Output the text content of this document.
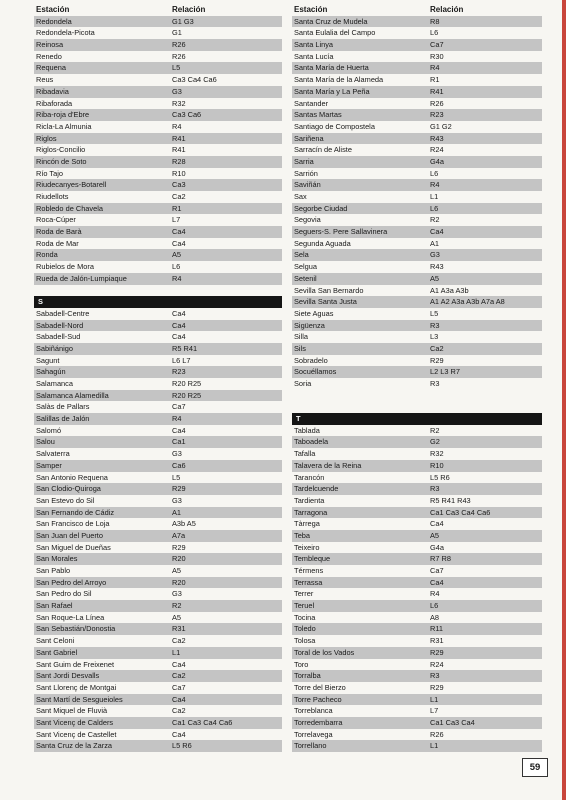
Estación	Relación
Redondela	G1 G3
Redondela-Picota	G1
Reinosa	R26
Renedo	R26
Requena	L5
Reus	Ca3 Ca4 Ca6
Ribadavia	G3
Ribaforada	R32
Riba-roja d'Ebre	Ca3 Ca6
Ricla-La Almunia	R4
Riglos	R41
Riglos-Concilio	R41
Rincón de Soto	R28
Río Tajo	R10
Riudecanyes-Botarell	Ca3
Riudellots	Ca2
Robledo de Chavela	R1
Roca-Cúper	L7
Roda de Barà	Ca4
Roda de Mar	Ca4
Ronda	A5
Rubielos de Mora	L6
Rueda de Jalón-Lumpiaque	R4
S
Sabadell-Centre	Ca4
Sabadell-Nord	Ca4
Sabadell-Sud	Ca4
Sabiñánigo	R5 R41
Sagunt	L6 L7
Sahagún	R23
Salamanca	R20 R25
Salamanca Alamedilla	R20 R25
Salàs de Pallars	Ca7
Salillas de Jalón	R4
Salomó	Ca4
Salou	Ca1
Salvaterra	G3
Samper	Ca6
San Antonio Requena	L5
San Clodio-Quiroga	R29
San Estevo do Sil	G3
San Fernando de Cádiz	A1
San Francisco de Loja	A3b A5
San Juan del Puerto	A7a
San Miguel de Dueñas	R29
San Morales	R20
San Pablo	A5
San Pedro del Arroyo	R20
San Pedro do Sil	G3
San Rafael	R2
San Roque-La Línea	A5
San Sebastián/Donostia	R31
Sant Celoni	Ca2
Sant Gabriel	L1
Sant Guim de Freixenet	Ca4
Sant Jordi Desvalls	Ca2
Sant Llorenç de Montgai	Ca7
Sant Martí de Sesgueioles	Ca4
Sant Miquel de Fluvià	Ca2
Sant Vicenç de Calders	Ca1 Ca3 Ca4 Ca6
Sant Vicenç de Castellet	Ca4
Santa Cruz de la Zarza	L5 R6
Estación	Relación
Santa Cruz de Mudela	R8
Santa Eulalia del Campo	L6
Santa Linya	Ca7
Santa Lucía	R30
Santa María de Huerta	R4
Santa María de la Alameda	R1
Santa María y La Peña	R41
Santander	R26
Santas Martas	R23
Santiago de Compostela	G1 G2
Sariñena	R43
Sarracín de Aliste	R24
Sarria	G4a
Sarrión	L6
Saviñán	R4
Sax	L1
Segorbe Ciudad	L6
Segovia	R2
Seguers-S. Pere Sallavinera	Ca4
Segunda Aguada	A1
Sela	G3
Selgua	R43
Setenil	A5
Sevilla San Bernardo	A1 A3a A3b
Sevilla Santa Justa	A1 A2 A3a A3b A7a A8
Siete Aguas	L5
Sigüenza	R3
Silla	L3
Sils	Ca2
Sobradelo	R29
Socuéllamos	L2 L3 R7
Soria	R3
T
Tablada	R2
Taboadela	G2
Tafalla	R32
Talavera de la Reina	R10
Tarancón	L5 R6
Tardelcuende	R3
Tardienta	R5 R41 R43
Tarragona	Ca1 Ca3 Ca4 Ca6
Tàrrega	Ca4
Teba	A5
Teixeiro	G4a
Tembleque	R7 R8
Térmens	Ca7
Terrassa	Ca4
Terrer	R4
Teruel	L6
Tocina	A8
Toledo	R11
Tolosa	R31
Toral de los Vados	R29
Toro	R24
Torralba	R3
Torre del Bierzo	R29
Torre Pacheco	L1
Torreblanca	L7
Torredembarra	Ca1 Ca3 Ca4
Torrelavega	R26
Torrellano	L1
59
